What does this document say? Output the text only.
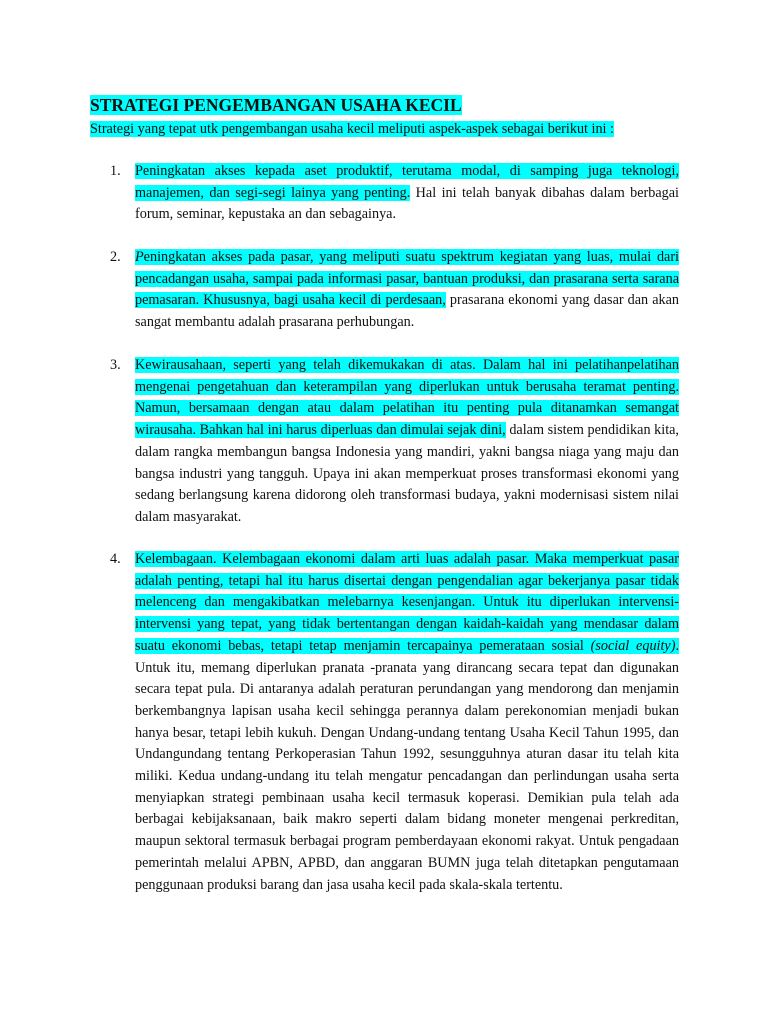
STRATEGI PENGEMBANGAN USAHA KECIL

Strategi yang tepat utk pengembangan usaha kecil meliputi aspek-aspek sebagai berikut ini :

1.	Peningkatan akses kepada aset produktif, terutama modal, di samping juga teknologi, manajemen, dan segi-segi lainya yang penting. Hal ini telah banyak dibahas dalam berbagai forum, seminar, kepustaka an dan sebagainya.
2.	Peningkatan akses pada pasar, yang meliputi suatu spektrum kegiatan yang luas, mulai dari pencadangan usaha, sampai pada informasi pasar, bantuan produksi, dan prasarana serta sarana pemasaran. Khususnya, bagi usaha kecil di perdesaan, prasarana ekonomi yang dasar dan akan sangat membantu adalah prasarana perhubungan.
3.	Kewirausahaan, seperti yang telah dikemukakan di atas. Dalam hal ini pelatihanpelatihan mengenai pengetahuan dan keterampilan yang diperlukan untuk berusaha teramat penting. Namun, bersamaan dengan atau dalam pelatihan itu penting pula ditanamkan semangat wirausaha. Bahkan hal ini harus diperluas dan dimulai sejak dini, dalam sistem pendidikan kita, dalam rangka membangun bangsa Indonesia yang mandiri, yakni bangsa niaga yang maju dan bangsa industri yang tangguh. Upaya ini akan memperkuat proses transformasi ekonomi yang sedang berlangsung karena didorong oleh transformasi budaya, yakni modernisasi sistem nilai dalam masyarakat.
4.	Kelembagaan. Kelembagaan ekonomi dalam arti luas adalah pasar. Maka memperkuat pasar adalah penting, tetapi hal itu harus disertai dengan pengendalian agar bekerjanya pasar tidak melenceng dan mengakibatkan melebarnya kesenjangan. Untuk itu diperlukan intervensi-intervensi yang tepat, yang tidak bertentangan dengan kaidah-kaidah yang mendasar dalam suatu ekonomi bebas, tetapi tetap menjamin tercapainya pemerataan sosial (social equity). Untuk itu, memang diperlukan pranata -pranata yang dirancang secara tepat dan digunakan secara tepat pula. Di antaranya adalah peraturan perundangan yang mendorong dan menjamin berkembangnya lapisan usaha kecil sehingga perannya dalam perekonomian menjadi bukan hanya besar, tetapi lebih kukuh. Dengan Undang-undang tentang Usaha Kecil Tahun 1995, dan Undangundang tentang Perkoperasian Tahun 1992, sesungguhnya aturan dasar itu telah kita miliki. Kedua undang-undang itu telah mengatur pencadangan dan perlindungan usaha serta menyiapkan strategi pembinaan usaha kecil termasuk koperasi. Demikian pula telah ada berbagai kebijaksanaan, baik makro seperti dalam bidang moneter mengenai perkreditan, maupun sektoral termasuk berbagai program pemberdayaan ekonomi rakyat. Untuk pengadaan pemerintah melalui APBN, APBD, dan anggaran BUMN juga telah ditetapkan pengutamaan penggunaan produksi barang dan jasa usaha kecil pada skala-skala tertentu.
